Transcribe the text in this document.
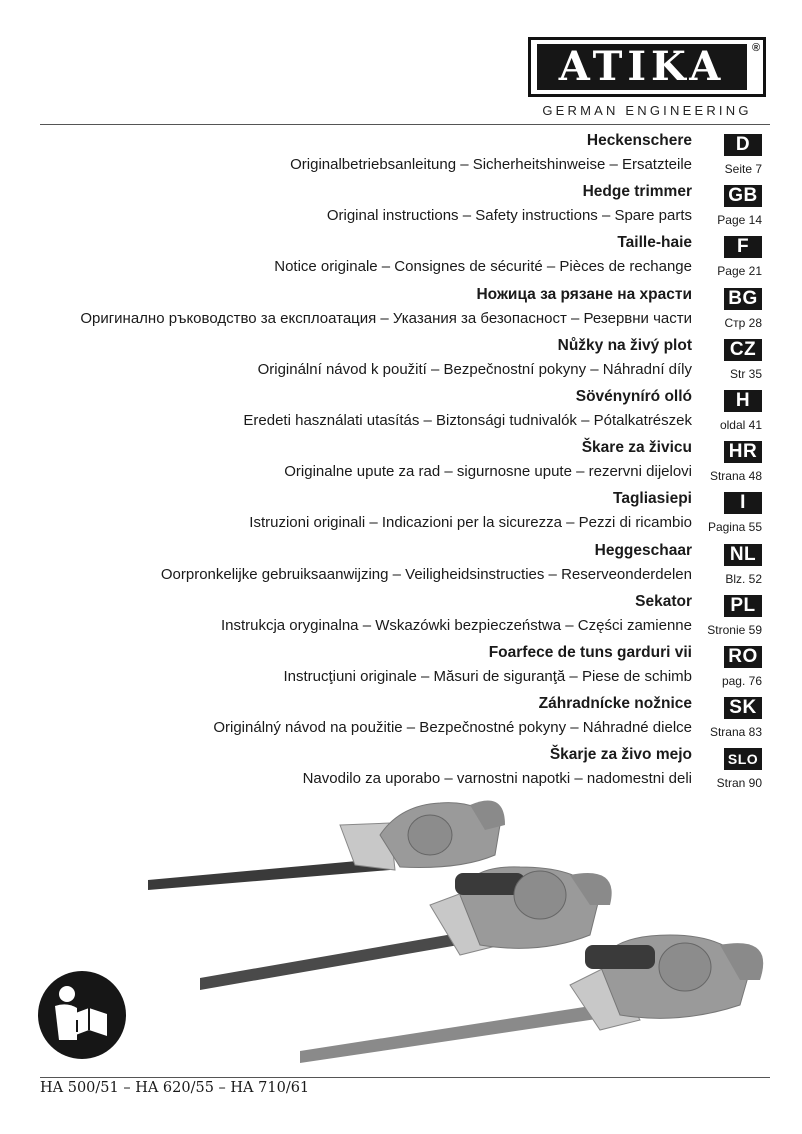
ATIKA	®
GERMAN ENGINEERING
Heckenschere
Originalbetriebsanleitung – Sicherheitshinweise – Ersatzteile
D
Seite 7
Hedge trimmer
Original instructions – Safety instructions – Spare parts
GB
Page 14
Taille-haie
Notice originale – Consignes de sécurité – Pièces de rechange
F
Page 21
Ножица за рязане на храсти
Оригинално ръководство за експлоатация – Указания за безопасност – Резервни части
BG
Стр 28
Nůžky na živý plot
Originální návod k použití – Bezpečnostní pokyny – Náhradní díly
CZ
Str 35
Sövényníró olló
Eredeti használati utasítás – Biztonsági tudnivalók – Pótalkatrészek
H
oldal 41
Škare za živicu
Originalne upute za rad – sigurnosne upute – rezervni dijelovi
HR
Strana 48
Tagliasiepi
Istruzioni originali – Indicazioni per la sicurezza – Pezzi di ricambio
I
Pagina 55
Heggeschaar
Oorpronkelijke gebruiksaanwijzing – Veiligheidsinstructies – Reserveonderdelen
NL
Blz. 52
Sekator
Instrukcja oryginalna – Wskazówki bezpieczeństwa – Części zamienne
PL
Stronie 59
Foarfece de tuns garduri vii
Instrucţiuni originale – Măsuri de siguranţă – Piese de schimb
RO
pag. 76
Záhradnícke nožnice
Originálný návod na použitie – Bezpečnostné pokyny – Náhradné dielce
SK
Strana 83
Škarje za živo mejo
Navodilo za uporabo – varnostni napotki – nadomestni deli
SLO
Stran 90
HA 500/51 – HA 620/55 – HA 710/61
